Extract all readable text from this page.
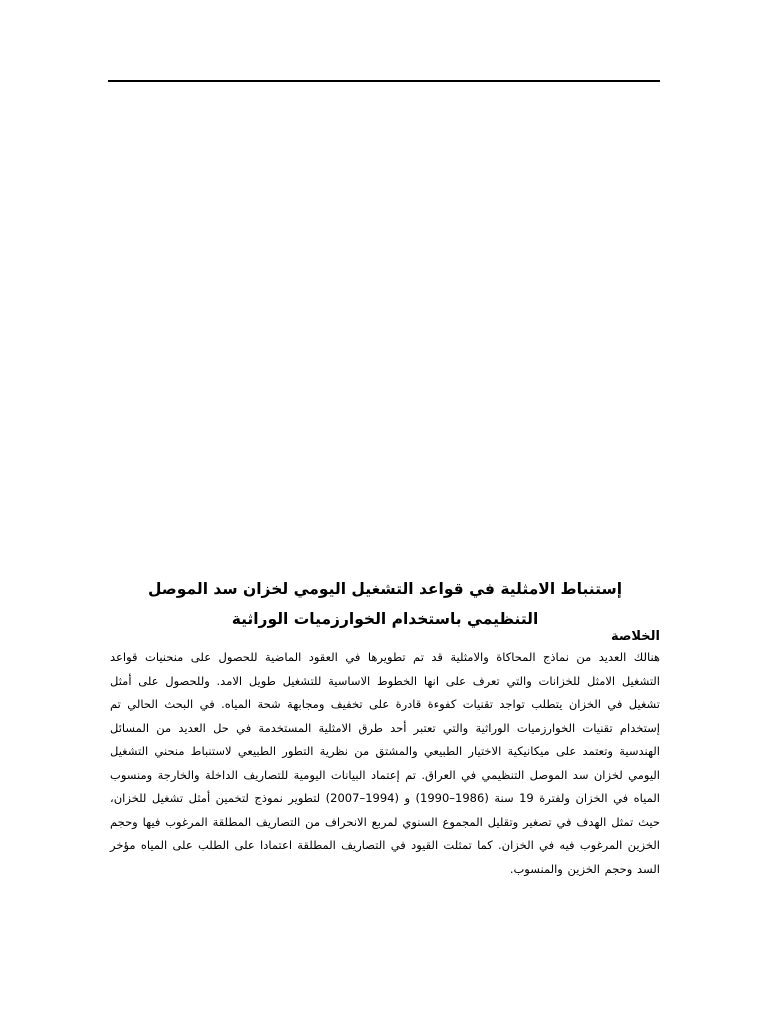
إستنباط الامثلية في قواعد التشغيل اليومي لخزان سد الموصل التنظيمي باستخدام الخوارزميات الوراثية
الخلاصة

هنالك العديد من نماذج المحاكاة والامثلية قد تم تطويرها في العقود الماضية للحصول على منحنيات قواعد التشغيل الامثل للخزانات والتي تعرف على انها الخطوط الاساسية للتشغيل طويل الامد. وللحصول على أمثل تشغيل في الخزان يتطلب تواجد تقنيات كفوءة قادرة على تخفيف ومجابهة شحة المياه. في البحث الحالي تم إستخدام تقنيات الخوارزميات الوراثية والتي تعتبر أحد طرق الامثلية المستخدمة في حل العديد من المسائل الهندسية وتعتمد على ميكانيكية الاختيار الطبيعي والمشتق من نظرية التطور الطبيعي لاستنباط منحني التشغيل اليومي لخزان سد الموصل التنظيمي في العراق. تم إعتماد البيانات اليومية للتصاريف الداخلة والخارجة ومنسوب المياه في الخزان ولفترة 19 سنة (1986–1990) و (1994–2007) لتطوير نموذج لتخمين أمثل تشغيل للخزان، حيث تمثل الهدف في تصغير وتقليل المجموع السنوي لمربع الانحراف من التصاريف المطلقة المرغوب فيها وحجم الخزين المرغوب فيه في الخزان. كما تمثلت القيود في التصاريف المطلقة اعتمادا على الطلب على المياه مؤخر السد وحجم الخزين والمنسوب.
